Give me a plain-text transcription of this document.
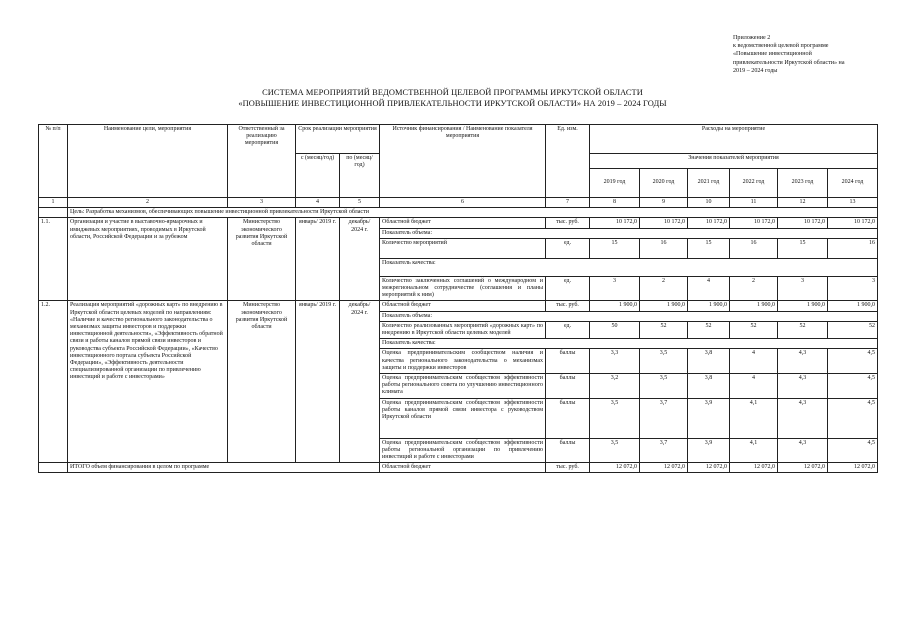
Приложение 2
к ведомственной целевой программе
«Повышение инвестиционной
привлекательности Иркутской области» на
2019 – 2024 годы
СИСТЕМА МЕРОПРИЯТИЙ ВЕДОМСТВЕННОЙ ЦЕЛЕВОЙ ПРОГРАММЫ ИРКУТСКОЙ ОБЛАСТИ
«ПОВЫШЕНИЕ ИНВЕСТИЦИОННОЙ ПРИВЛЕКАТЕЛЬНОСТИ ИРКУТСКОЙ ОБЛАСТИ» НА 2019 – 2024 ГОДЫ
№ п/п	Наименование цели, мероприятия	Ответственный за реализацию мероприятия	Срок реализации мероприятия		Источник финансирования / Наименование показателя мероприятия	Ед. изм.	Расходы на мероприятие					
			с (месяц/год)	по (месяц/год)			Значения показателей мероприятия					
							2019 год	2020 год	2021 год	2022 год	2023 год	2024 год
1	2	3	4	5	6	7	8	9	10	11	12	13
	Цель: Разработка механизмов, обеспечивающих повышение инвестиционной привлекательности Иркутской области											
1.1.	Организация и участие в выставочно-ярмарочных и имиджевых мероприятиях, проводимых в Иркутской области, Российской Федерации и за рубежом	Министерство экономического развития Иркутской области	январь/ 2019 г.	декабрь/ 2024 г.	Областной бюджет	тыс. руб.	10 172,0	10 172,0	10 172,0	10 172,0	10 172,0	10 172,0
					Показатель объема:							
					Количество мероприятий	ед.	15	16	15	16	15	16
					Показатель качества:							
					Количество заключенных соглашений о международном и межрегиональном сотрудничестве (соглашения и планы мероприятий к ним)	ед.	3	2	4	2	3	3
1.2.	Реализация мероприятий «дорожных карт» по внедрению в Иркутской области целевых моделей по направлениям: «Наличие и качество регионального законодательства о механизмах защиты инвесторов и поддержки инвестиционной деятельности», «Эффективность обратной связи и работы каналов прямой связи инвесторов и руководства субъекта Российской Федерации», «Качество инвестиционного портала субъекта Российской Федерации», «Эффективность деятельности специализированной организации по привлечению инвестиций и работе с инвесторами»	Министерство экономического развития Иркутской области	январь/ 2019 г.	декабрь/ 2024 г.	Областной бюджет	тыс. руб.	1 900,0	1 900,0	1 900,0	1 900,0	1 900,0	1 900,0
					Показатель объема:							
					Количество реализованных мероприятий «дорожных карт» по внедрению в Иркутской области целевых моделей	ед.	50	52	52	52	52	52
					Показатель качества:							
					Оценка предпринимательским сообществом наличия и качества регионального законодательства о механизмах защиты и поддержки инвесторов	баллы	3,3	3,5	3,8	4	4,3	4,5
					Оценка предпринимательским сообществом эффективности работы регионального совета по улучшению инвестиционного климата	баллы	3,2	3,5	3,8	4	4,3	4,5
					Оценка предпринимательским сообществом эффективности работы каналов прямой связи инвестора с руководством Иркутской области	баллы	3,5	3,7	3,9	4,1	4,3	4,5
					Оценка предпринимательским сообществом эффективности работы региональной организации по привлечению инвестиций и работе с инвесторами	баллы	3,5	3,7	3,9	4,1	4,3	4,5
	ИТОГО объем финансирования в целом по программе				Областной бюджет	тыс. руб.	12 072,0	12 072,0	12 072,0	12 072,0	12 072,0	12 072,0
